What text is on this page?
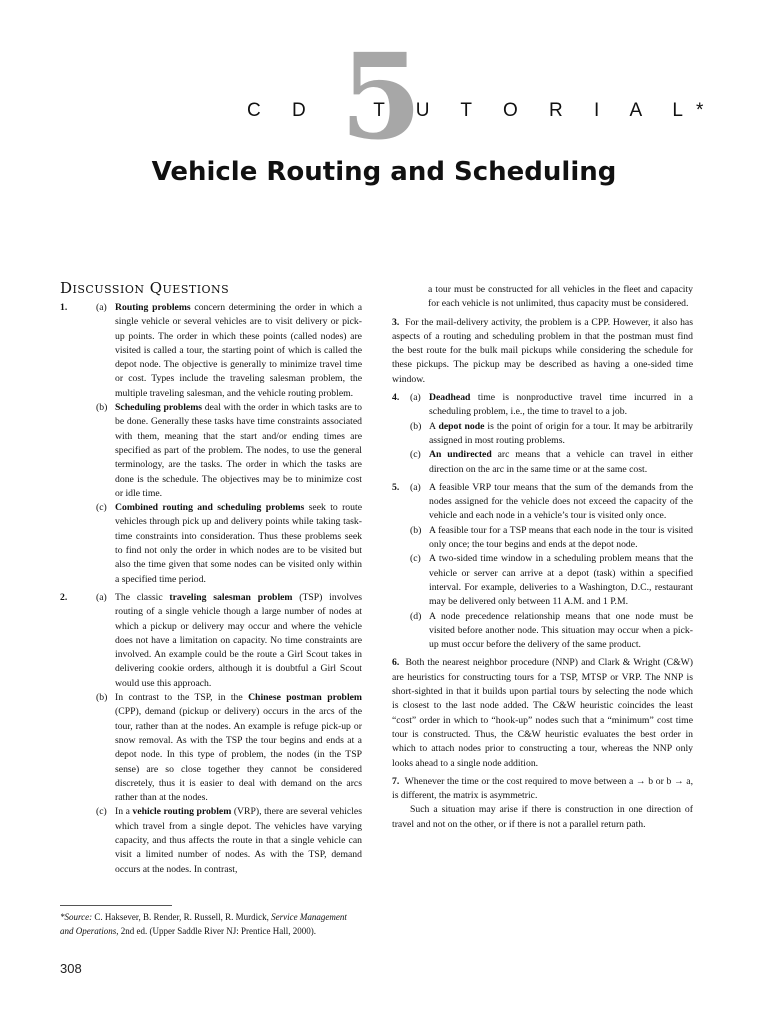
5
C D   T U T O R I A L*
Vehicle Routing and Scheduling
Discussion Questions
1.	(a) Routing problems concern determining the order in which a single vehicle or several vehicles are to visit delivery or pick-up points. The order in which these points (called nodes) are visited is called a tour, the starting point of which is called the depot node. The objective is generally to minimize travel time or cost. Types include the traveling salesman problem, the multiple traveling salesman, and the vehicle routing problem.
(b) Scheduling problems deal with the order in which tasks are to be done. Generally these tasks have time constraints associated with them, meaning that the start and/or ending times are specified as part of the problem. The nodes, to use the general terminology, are the tasks. The order in which the tasks are done is the schedule. The objectives may be to minimize cost or idle time.
(c) Combined routing and scheduling problems seek to route vehicles through pick up and delivery points while taking task-time constraints into consideration. Thus these problems seek to find not only the order in which nodes are to be visited but also the time given that some nodes can be visited only within a specified time period.
2.	(a) The classic traveling salesman problem (TSP) involves routing of a single vehicle though a large number of nodes at which a pickup or delivery may occur and where the vehicle does not have a limitation on capacity. No time constraints are involved. An example could be the route a Girl Scout takes in delivering cookie orders, although it is doubtful a Girl Scout would use this approach.
(b) In contrast to the TSP, in the Chinese postman problem (CPP), demand (pickup or delivery) occurs in the arcs of the tour, rather than at the nodes. An example is refuge pick-up or snow removal. As with the TSP the tour begins and ends at a depot node. In this type of problem, the nodes (in the TSP sense) are so close together they cannot be considered discretely, thus it is easier to deal with demand on the arcs rather than at the nodes.
(c) In a vehicle routing problem (VRP), there are several vehicles which travel from a single depot. The vehicles have varying capacity, and thus affects the route in that a single vehicle can visit a limited number of nodes. As with the TSP, demand occurs at the nodes. In contrast,
a tour must be constructed for all vehicles in the fleet and capacity for each vehicle is not unlimited, thus capacity must be considered.
3. For the mail-delivery activity, the problem is a CPP. However, it also has aspects of a routing and scheduling problem in that the postman must find the best route for the bulk mail pickups while considering the schedule for these pickups. The pickup may be described as having a one-sided time window.
4. (a) Deadhead time is nonproductive travel time incurred in a scheduling problem, i.e., the time to travel to a job.
(b) A depot node is the point of origin for a tour. It may be arbitrarily assigned in most routing problems.
(c) An undirected arc means that a vehicle can travel in either direction on the arc in the same time or at the same cost.
5. (a) A feasible VRP tour means that the sum of the demands from the nodes assigned for the vehicle does not exceed the capacity of the vehicle and each node in a vehicle’s tour is visited only once.
(b) A feasible tour for a TSP means that each node in the tour is visited only once; the tour begins and ends at the depot node.
(c) A two-sided time window in a scheduling problem means that the vehicle or server can arrive at a depot (task) within a specified interval. For example, deliveries to a Washington, D.C., restaurant may be delivered only between 11 A.M. and 1 P.M.
(d) A node precedence relationship means that one node must be visited before another node. This situation may occur when a pick-up must occur before the delivery of the same product.
6. Both the nearest neighbor procedure (NNP) and Clark & Wright (C&W) are heuristics for constructing tours for a TSP, MTSP or VRP. The NNP is short-sighted in that it builds upon partial tours by selecting the node which is closest to the last node added. The C&W heuristic coincides the least “cost” order in which to “hook-up” nodes such that a “minimum” cost time tour is constructed. Thus, the C&W heuristic evaluates the best order in which to attach nodes prior to constructing a tour, whereas the NNP only looks ahead to a single node addition.
7. Whenever the time or the cost required to move between a → b or b → a, is different, the matrix is asymmetric.
Such a situation may arise if there is construction in one direction of travel and not on the other, or if there is not a parallel return path.
*Source: C. Haksever, B. Render, R. Russell, R. Murdick, Service Management and Operations, 2nd ed. (Upper Saddle River NJ: Prentice Hall, 2000).
308
